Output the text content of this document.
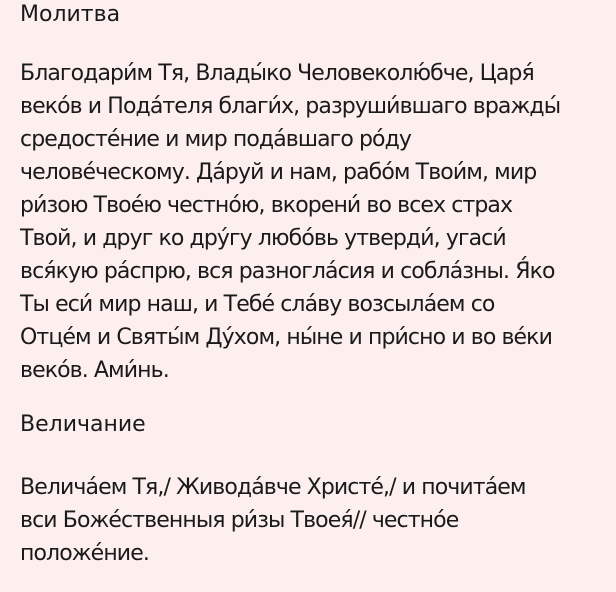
Молитва

Благодари́м Тя, Влады́ко Человеколю́бче, Царя́
веко́в и Пода́теля благи́х, разруши́вшаго вражды́
средосте́ние и мир пода́вшаго ро́ду
челове́ческому. Да́руй и нам, рабо́м Твои́м, мир
ри́зою Твое́ю честно́ю, вкорени́ во всех страх
Твой, и друг ко дру́гу любо́вь утверди́, угаси́
вся́кую ра́спрю, вся разногла́сия и собла́зны. Я́ко
Ты еси́ мир наш, и Тебе́ сла́ву возсыла́ем со
Отце́м и Святы́м Ду́хом, ны́не и при́сно и во ве́ки
веко́в. Ами́нь.

Величание

Велича́ем Тя,/ Живода́вче Христе́,/ и почита́ем
вси Боже́ственныя ри́зы Твоея́// честно́е
положе́ние.
